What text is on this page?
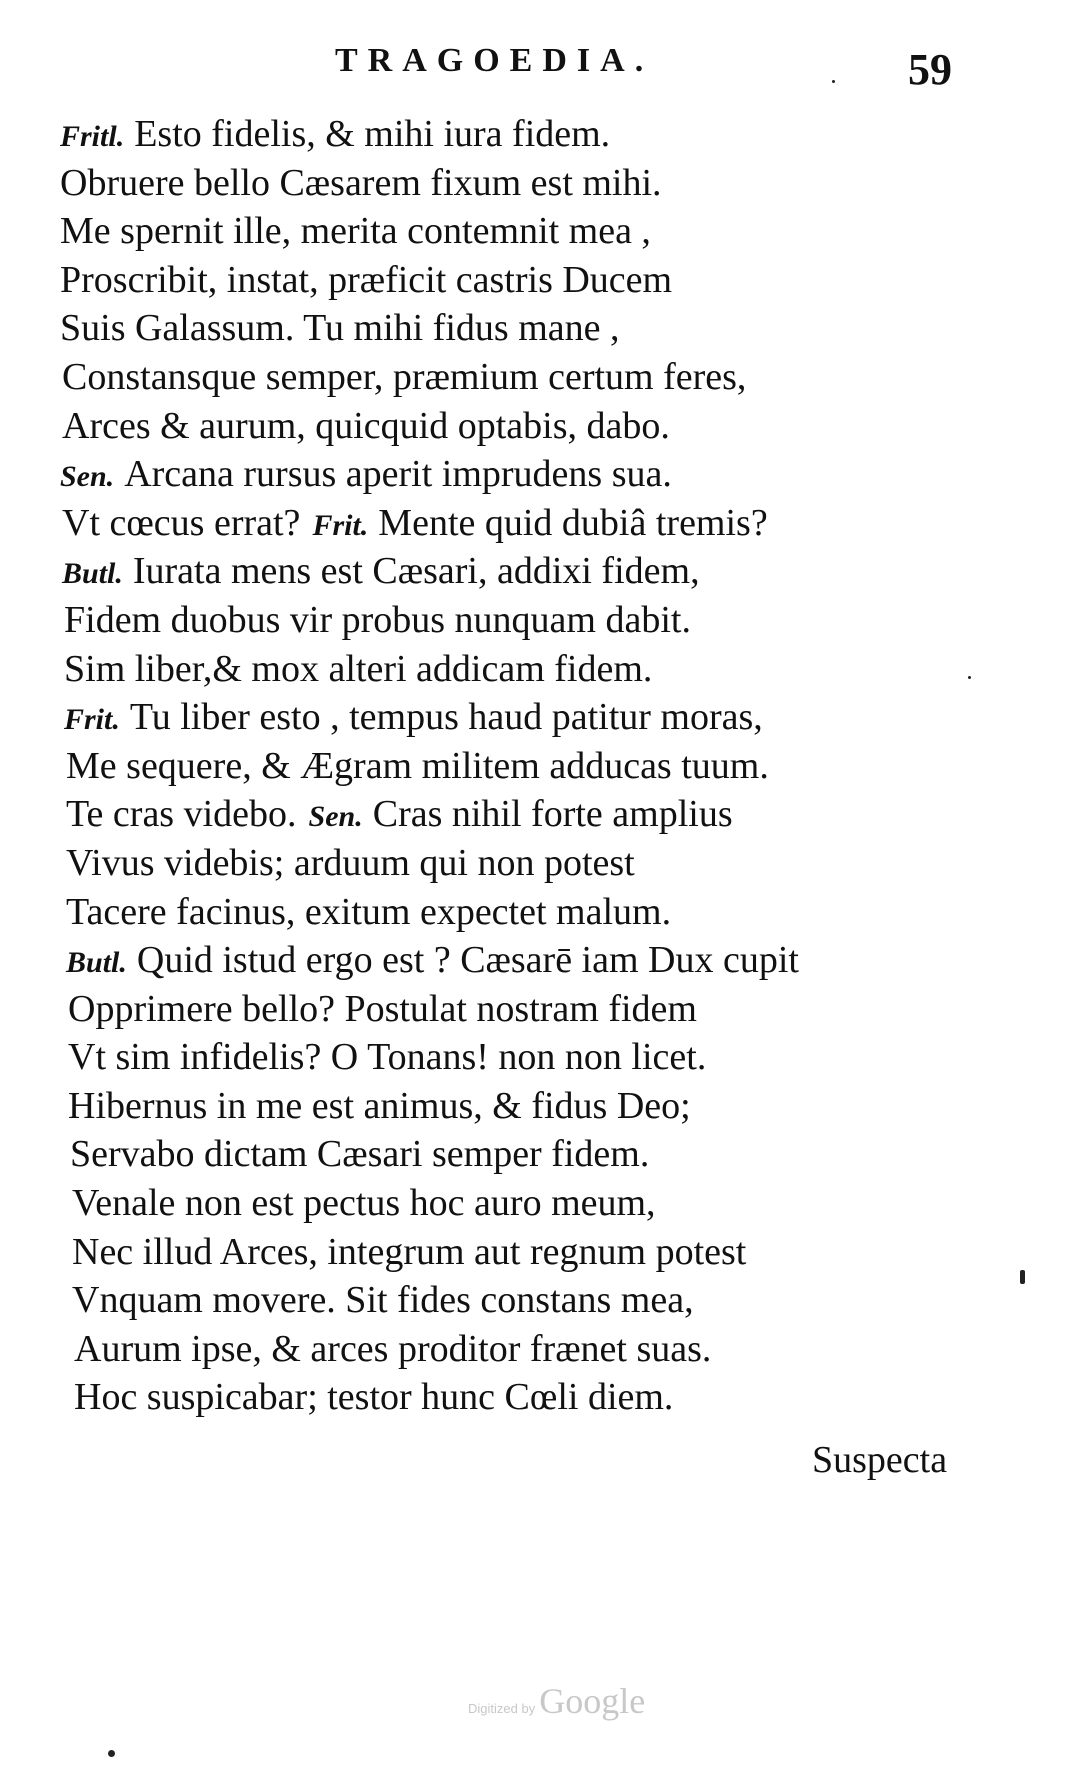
TRAGOEDIA.	59
Fritl. Esto fidelis, & mihi iura fidem.
Obruere bello Cæsarem fixum est mihi.
Me spernit ille, merita contemnit mea ,
Proscribit, instat, præficit castris Ducem
Suis Galassum. Tu mihi fidus mane ,
Constansque semper, præmium certum feres,
Arces & aurum, quicquid optabis, dabo.
Sen. Arcana rursus aperit imprudens sua.
Vt cœcus errat? Frit. Mente quid dubiâ tremis?
Butl. Iurata mens est Cæsari, addixi fidem,
Fidem duobus vir probus nunquam dabit.
Sim liber,& mox alteri addicam fidem.
Frit. Tu liber esto , tempus haud patitur moras,
Me sequere, & Ægram militem adducas tuum.
Te cras videbo. Sen. Cras nihil forte amplius
Vivus videbis; arduum qui non potest
Tacere facinus, exitum expectet malum.
Butl. Quid istud ergo est ? Cæsarē iam Dux cupit
Opprimere bello? Postulat nostram fidem
Vt sim infidelis? O Tonans! non non licet.
Hibernus in me est animus, & fidus Deo;
Servabo dictam Cæsari semper fidem.
Venale non est pectus hoc auro meum,
Nec illud Arces, integrum aut regnum potest
Vnquam movere. Sit fides constans mea,
Aurum ipse, & arces proditor frænet suas.
Hoc suspicabar; testor hunc Cœli diem.
Suspecta
Digitized by Google
